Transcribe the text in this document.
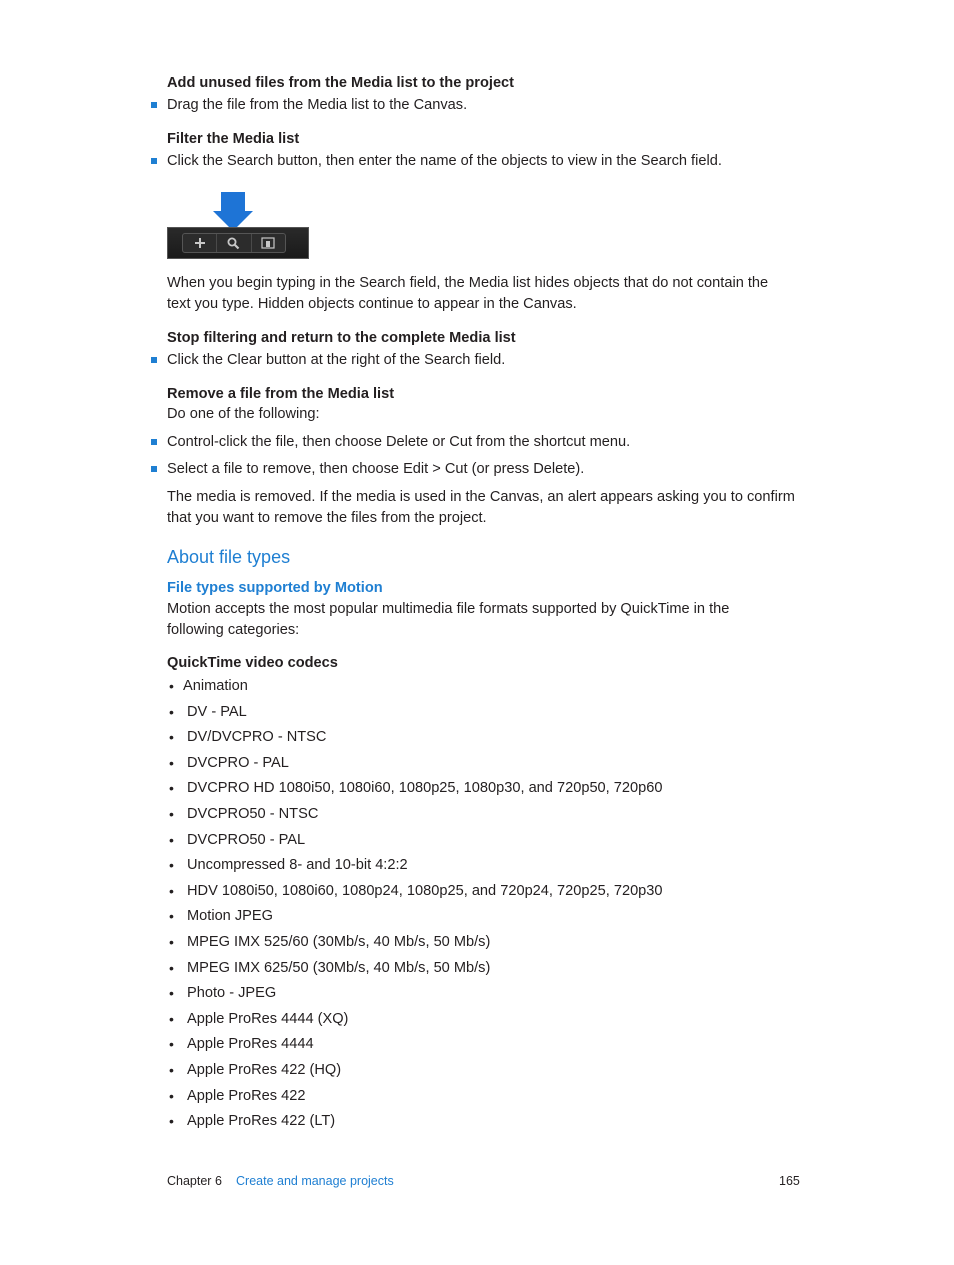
Add unused files from the Media list to the project
Drag the file from the Media list to the Canvas.
Filter the Media list
Click the Search button, then enter the name of the objects to view in the Search field.
When you begin typing in the Search field, the Media list hides objects that do not contain the
text you type. Hidden objects continue to appear in the Canvas.
Stop filtering and return to the complete Media list
Click the Clear button at the right of the Search field.
Remove a file from the Media list
Do one of the following:
Control-click the file, then choose Delete or Cut from the shortcut menu.
Select a file to remove, then choose Edit > Cut (or press Delete).
The media is removed. If the media is used in the Canvas, an alert appears asking you to confirm
that you want to remove the files from the project.
About file types
File types supported by Motion
Motion accepts the most popular multimedia file formats supported by QuickTime in the
following categories:
QuickTime video codecs
• Animation
• DV - PAL
• DV/DVCPRO - NTSC
• DVCPRO - PAL
• DVCPRO HD 1080i50, 1080i60, 1080p25, 1080p30, and 720p50, 720p60
• DVCPRO50 - NTSC
• DVCPRO50 - PAL
• Uncompressed 8- and 10-bit 4:2:2
• HDV 1080i50, 1080i60, 1080p24, 1080p25, and 720p24, 720p25, 720p30
• Motion JPEG
• MPEG IMX 525/60 (30Mb/s, 40 Mb/s, 50 Mb/s)
• MPEG IMX 625/50 (30Mb/s, 40 Mb/s, 50 Mb/s)
• Photo - JPEG
• Apple ProRes 4444 (XQ)
• Apple ProRes 4444
• Apple ProRes 422 (HQ)
• Apple ProRes 422
• Apple ProRes 422 (LT)
Chapter 6 Create and manage projects	165
